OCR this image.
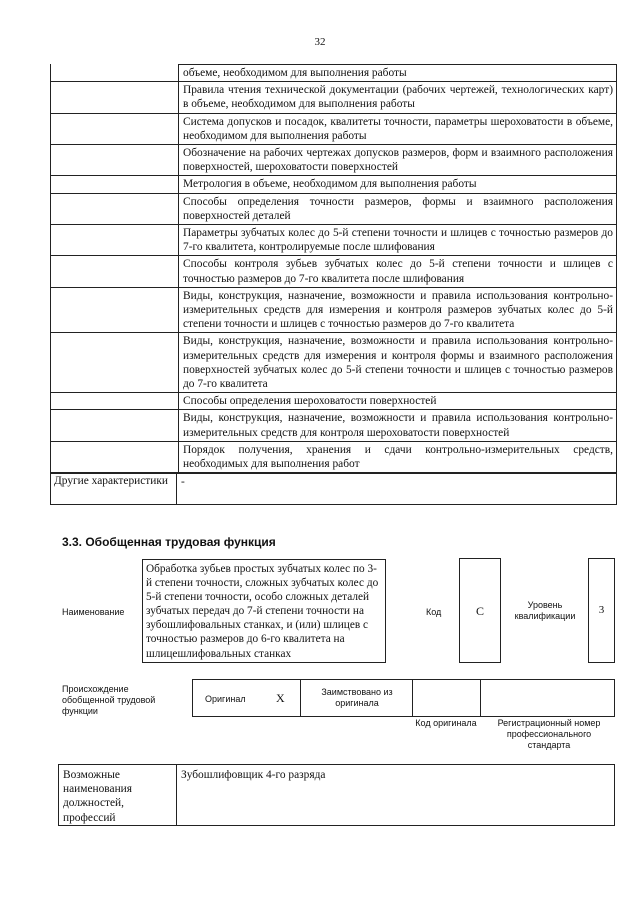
32
объеме, необходимом для выполнения работы
Правила чтения технической документации (рабочих чертежей, технологических карт) в объеме, необходимом для выполнения работы
Система допусков и посадок, квалитеты точности, параметры шероховатости в объеме, необходимом для выполнения работы
Обозначение на рабочих чертежах допусков размеров, форм и взаимного расположения поверхностей, шероховатости поверхностей
Метрология в объеме, необходимом для выполнения работы
Способы определения точности размеров, формы и взаимного расположения поверхностей деталей
Параметры зубчатых колес до 5-й степени точности и шлицев с точностью размеров до 7-го квалитета, контролируемые после шлифования
Способы контроля зубьев зубчатых колес до 5-й степени точности и шлицев с точностью размеров до 7-го квалитета после шлифования
Виды, конструкция, назначение, возможности и правила использования контрольно-измерительных средств для измерения и контроля размеров зубчатых колес до 5-й степени точности и шлицев с точностью размеров до 7-го квалитета
Виды, конструкция, назначение, возможности и правила использования контрольно-измерительных средств для измерения и контроля формы и взаимного расположения поверхностей зубчатых колес до 5-й степени точности и шлицев с точностью размеров до 7-го квалитета
Способы определения шероховатости поверхностей
Виды, конструкция, назначение, возможности и правила использования контрольно-измерительных средств для контроля шероховатости поверхностей
Порядок получения, хранения и сдачи контрольно-измерительных средств, необходимых для выполнения работ
Другие характеристики	-
3.3. Обобщенная трудовая функция
Наименование
Обработка зубьев простых зубчатых колес по 3-й степени точности, сложных зубчатых колес до 5-й степени точности, особо сложных деталей зубчатых передач до 7-й степени точности на зубошлифовальных станках, и (или) шлицев с точностью размеров до 6-го квалитета на шлицешлифовальных станках
Код	C	Уровень квалификации	3
Происхождение обобщенной трудовой функции
Оригинал	X	Заимствовано из оригинала
Код оригинала	Регистрационный номер профессионального стандарта
Возможные наименования должностей, профессий
Зубошлифовщик 4-го разряда
